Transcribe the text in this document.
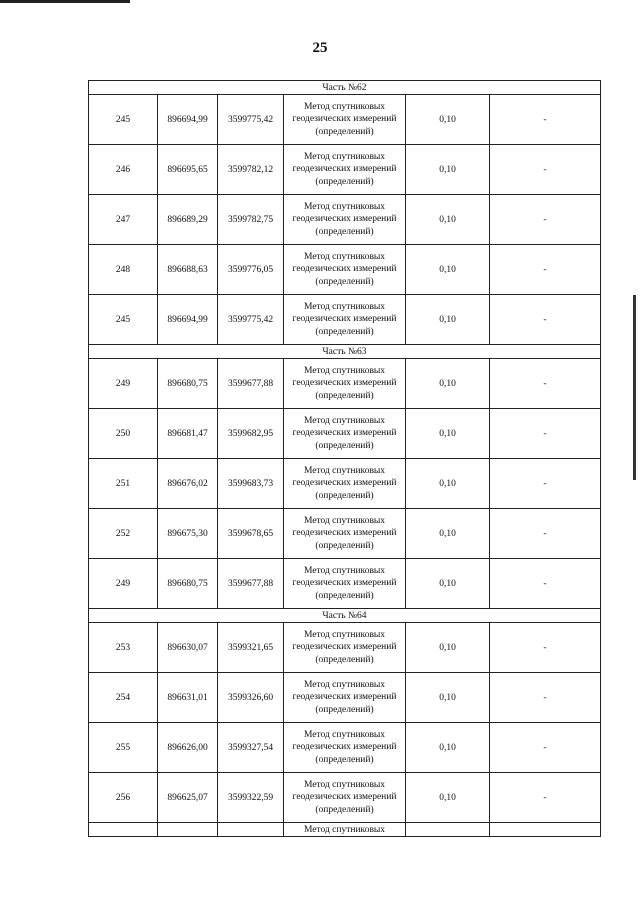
25
Часть №62					
245	896694,99	3599775,42	Метод спутниковых геодезических измерений (определений)	0,10	-
246	896695,65	3599782,12	Метод спутниковых геодезических измерений (определений)	0,10	-
247	896689,29	3599782,75	Метод спутниковых геодезических измерений (определений)	0,10	-
248	896688,63	3599776,05	Метод спутниковых геодезических измерений (определений)	0,10	-
245	896694,99	3599775,42	Метод спутниковых геодезических измерений (определений)	0,10	-
Часть №63					
249	896680,75	3599677,88	Метод спутниковых геодезических измерений (определений)	0,10	-
250	896681,47	3599682,95	Метод спутниковых геодезических измерений (определений)	0,10	-
251	896676,02	3599683,73	Метод спутниковых геодезических измерений (определений)	0,10	-
252	896675,30	3599678,65	Метод спутниковых геодезических измерений (определений)	0,10	-
249	896680,75	3599677,88	Метод спутниковых геодезических измерений (определений)	0,10	-
Часть №64					
253	896630,07	3599321,65	Метод спутниковых геодезических измерений (определений)	0,10	-
254	896631,01	3599326,60	Метод спутниковых геодезических измерений (определений)	0,10	-
255	896626,00	3599327,54	Метод спутниковых геодезических измерений (определений)	0,10	-
256	896625,07	3599322,59	Метод спутниковых геодезических измерений (определений)	0,10	-
			Метод спутниковых		
